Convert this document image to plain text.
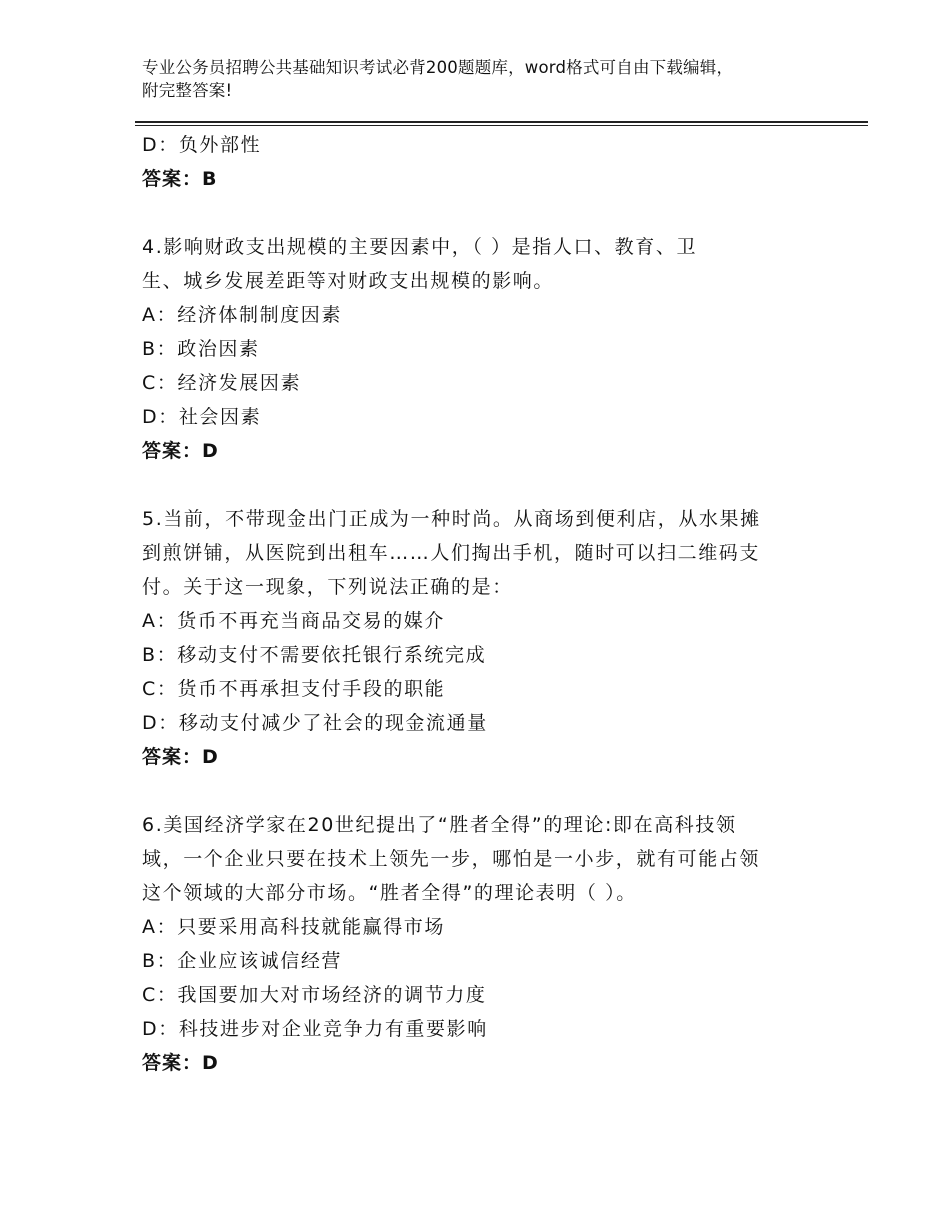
专业公务员招聘公共基础知识考试必背200题题库，word格式可自由下载编辑，
附完整答案!
D：负外部性
答案：B
4.影响财政支出规模的主要因素中，（ ）是指人口、教育、卫
生、城乡发展差距等对财政支出规模的影响。
A：经济体制制度因素
B：政治因素
C：经济发展因素
D：社会因素
答案：D
5.当前，不带现金出门正成为一种时尚。从商场到便利店，从水果摊
到煎饼铺，从医院到出租车……人们掏出手机，随时可以扫二维码支
付。关于这一现象，下列说法正确的是：
A：货币不再充当商品交易的媒介
B：移动支付不需要依托银行系统完成
C：货币不再承担支付手段的职能
D：移动支付减少了社会的现金流通量
答案：D
6.美国经济学家在20世纪提出了“胜者全得”的理论:即在高科技领
域，一个企业只要在技术上领先一步，哪怕是一小步，就有可能占领
这个领域的大部分市场。“胜者全得”的理论表明（ ）。
A：只要采用高科技就能赢得市场
B：企业应该诚信经营
C：我国要加大对市场经济的调节力度
D：科技进步对企业竞争力有重要影响
答案：D
